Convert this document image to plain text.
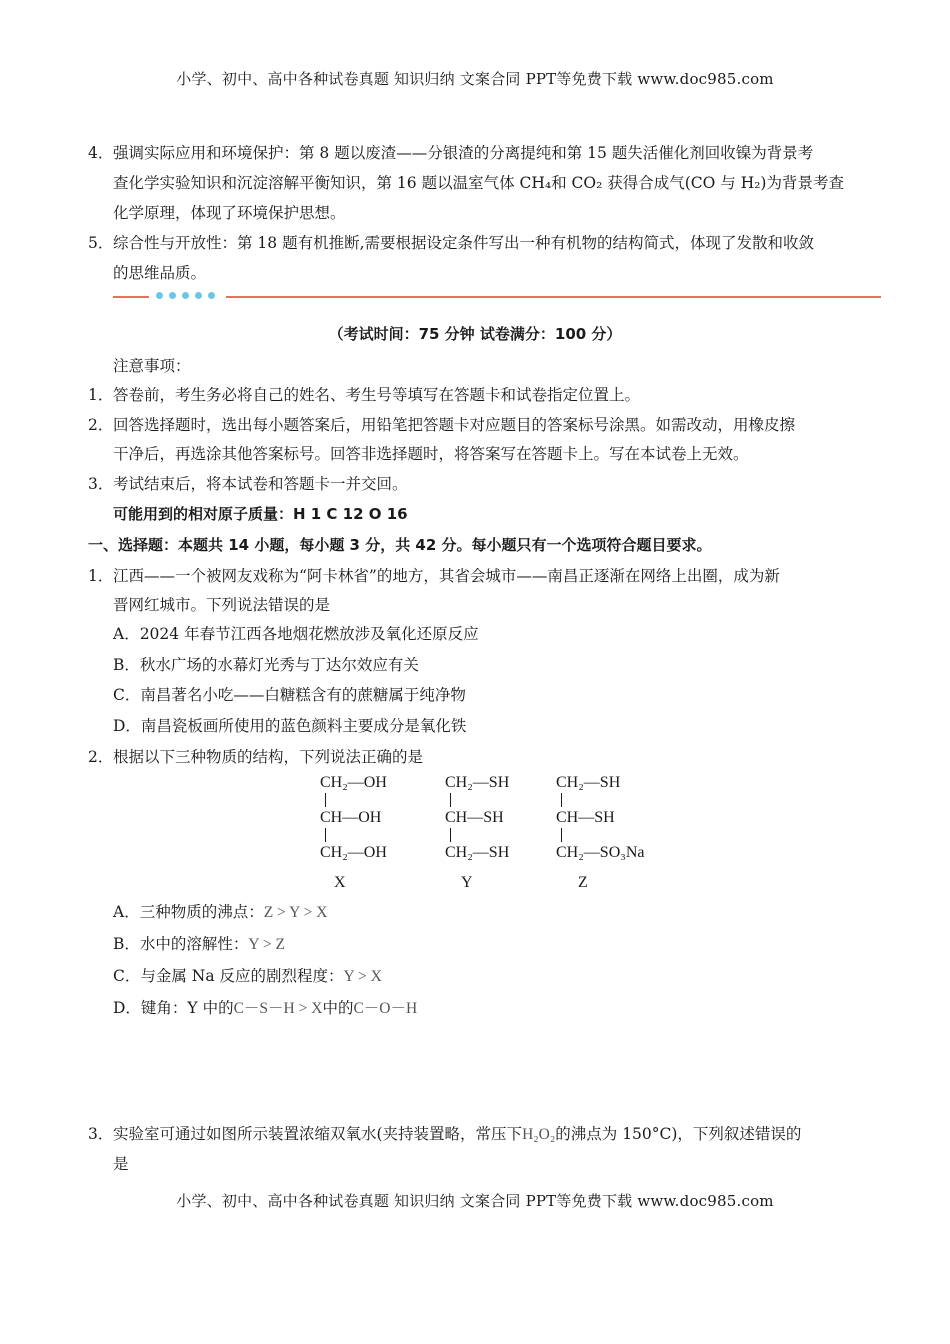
小学、初中、高中各种试卷真题 知识归纳 文案合同 PPT等免费下载 www.doc985.com
4． 强调实际应用和环境保护：第 8 题以废渣——分银渣的分离提纯和第 15 题失活催化剂回收镍为背景考
查化学实验知识和沉淀溶解平衡知识，第 16 题以温室气体 CH₄和 CO₂ 获得合成气(CO 与 H₂)为背景考查
化学原理，体现了环境保护思想。
5． 综合性与开放性：第 18 题有机推断,需要根据设定条件写出一种有机物的结构简式，体现了发散和收敛
的思维品质。
（考试时间：75 分钟 试卷满分：100 分）
注意事项：
1． 答卷前，考生务必将自己的姓名、考生号等填写在答题卡和试卷指定位置上。
2． 回答选择题时，选出每小题答案后，用铅笔把答题卡对应题目的答案标号涂黑。如需改动，用橡皮擦
干净后，再选涂其他答案标号。回答非选择题时，将答案写在答题卡上。写在本试卷上无效。
3． 考试结束后，将本试卷和答题卡一并交回。
可能用到的相对原子质量：H 1 C 12 O 16
一、选择题：本题共 14 小题，每小题 3 分，共 42 分。每小题只有一个选项符合题目要求。
1． 江西——一个被网友戏称为“阿卡林省”的地方，其省会城市——南昌正逐渐在网络上出圈，成为新
晋网红城市。下列说法错误的是
A．2024 年春节江西各地烟花燃放涉及氧化还原反应
B．秋水广场的水幕灯光秀与丁达尔效应有关
C．南昌著名小吃——白糖糕含有的蔗糖属于纯净物
D．南昌瓷板画所使用的蓝色颜料主要成分是氧化铁
2． 根据以下三种物质的结构，下列说法正确的是
CH₂—OH
CH—OH
CH₂—OH
X
CH₂—SH
CH—SH
CH₂—SH
Y
CH₂—SH
CH—SH
CH₂—SO₃Na
Z
A．三种物质的沸点：Z > Y > X
B．水中的溶解性：Y > Z
C．与金属 Na 反应的剧烈程度：Y > X
D．键角：Y 中的C－S－H > X中的C－O－H
3． 实验室可通过如图所示装置浓缩双氧水(夹持装置略，常压下H₂O₂的沸点为 150°C)，下列叙述错误的
是
小学、初中、高中各种试卷真题 知识归纳 文案合同 PPT等免费下载 www.doc985.com
